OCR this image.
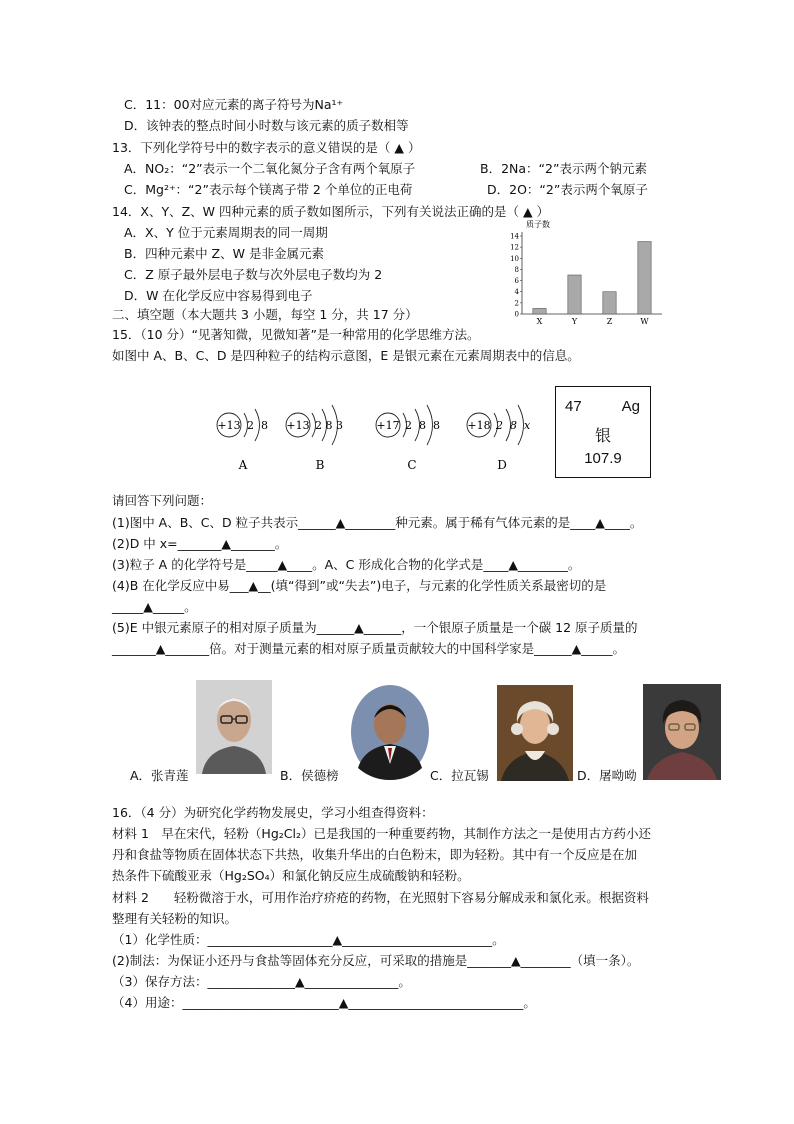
C．11：00对应元素的离子符号为Na¹⁺
D．该钟表的整点时间小时数与该元素的质子数相等
13．下列化学符号中的数字表示的意义错误的是（ ▲ ）
A．NO₂：“2”表示一个二氧化氮分子含有两个氧原子	B．2Na：“2”表示两个钠元素
C．Mg²⁺：“2”表示每个镁离子带 2 个单位的正电荷	D．2O：“2”表示两个氧原子
14．X、Y、Z、W 四种元素的质子数如图所示，下列有关说法正确的是（ ▲ ）
A．X、Y 位于元素周期表的同一周期
B．四种元素中 Z、W 是非金属元素
C．Z 原子最外层电子数与次外层电子数均为 2
D．W 在化学反应中容易得到电子
质子数
0
2
4
6
8
10
12
14
X	Y	Z	W
二、填空题（本大题共 3 小题，每空 1 分，共 17 分）
15．（10 分）“见著知微，见微知著”是一种常用的化学思维方法。
如图中 A、B、C、D 是四种粒子的结构示意图，E 是银元素在元素周期表中的信息。
+13 2  8
A
+13 2 8 3
B
+17 2  8  8
C
+18 2  8  x
D
47	Ag
银
107.9
请回答下列问题：
(1)图中 A、B、C、D 粒子共表示______▲________种元素。属于稀有气体元素的是____▲____。
(2)D 中 x=_______▲_______。
(3)粒子 A 的化学符号是_____▲____。A、C 形成化合物的化学式是____▲________。
(4)B 在化学反应中易___▲__(填“得到”或“失去”)电子，与元素的化学性质关系最密切的是
_____▲_____。
(5)E 中银元素原子的相对原子质量为______▲______，一个银原子质量是一个碳 12 原子质量的
_______▲_______倍。对于测量元素的相对原子质量贡献较大的中国科学家是______▲_____。
A．张青莲	B．侯德榜	C．拉瓦锡	D．屠呦呦
16．（4 分）为研究化学药物发展史，学习小组查得资料：
材料 1　早在宋代，轻粉（Hg₂Cl₂）已是我国的一种重要药物，其制作方法之一是使用古方药小还
丹和食盐等物质在固体状态下共热，收集升华出的白色粉末，即为轻粉。其中有一个反应是在加
热条件下硫酸亚汞（Hg₂SO₄）和氯化钠反应生成硫酸钠和轻粉。
材料 2　　轻粉微溶于水，可用作治疗疥疮的药物，在光照射下容易分解成汞和氯化汞。根据资料
整理有关轻粉的知识。
（1）化学性质：____________________▲________________________。
(2)制法：为保证小还丹与食盐等固体充分反应，可采取的措施是_______▲________（填一条）。
（3）保存方法：______________▲_______________。
（4）用途：_________________________▲____________________________。
